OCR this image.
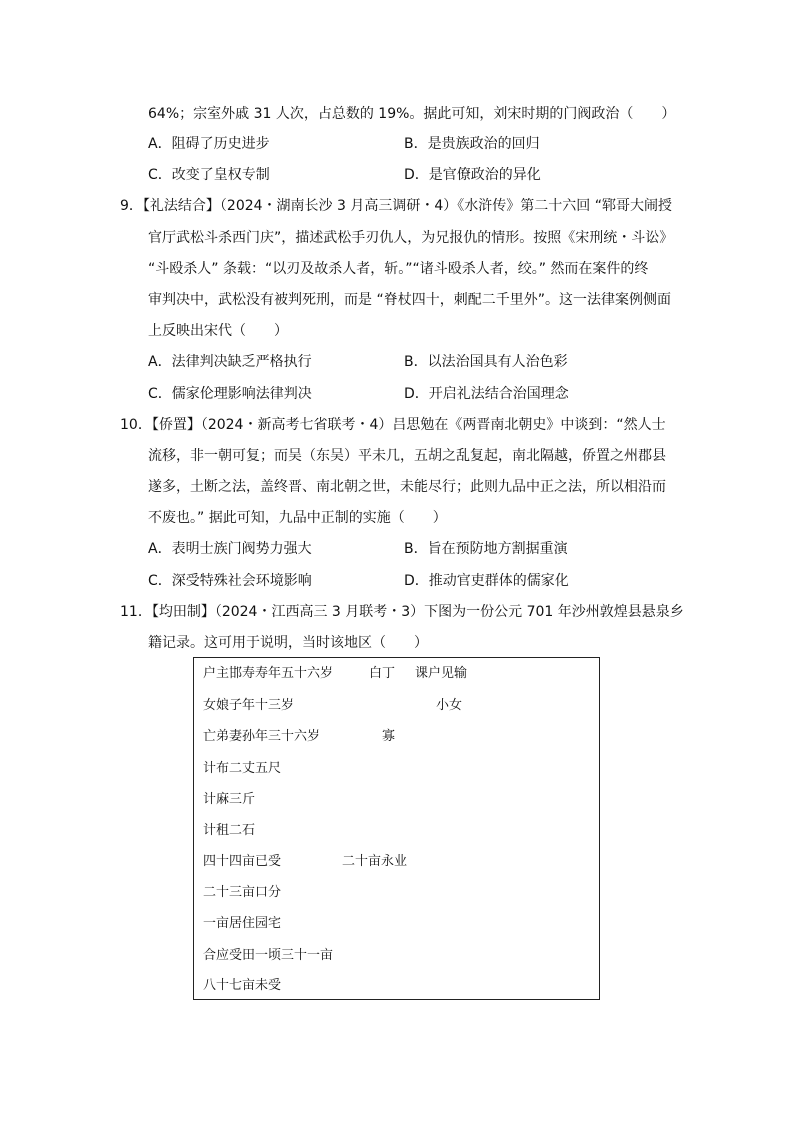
64%；宗室外戚 31 人次，占总数的 19%。据此可知，刘宋时期的门阀政治（　　）
A．阻碍了历史进步	B．是贵族政治的回归
C．改变了皇权专制	D．是官僚政治的异化
9．【礼法结合】（2024・湖南长沙 3 月高三调研・4）《水浒传》第二十六回 “郓哥大闹授
官厅武松斗杀西门庆”，描述武松手刃仇人，为兄报仇的情形。按照《宋刑统・斗讼》
“斗殴杀人” 条载：“以刃及故杀人者，斩。”“诸斗殴杀人者，绞。” 然而在案件的终
审判决中，武松没有被判死刑，而是 “脊杖四十，刺配二千里外”。这一法律案例侧面
上反映出宋代（　　）
A．法律判决缺乏严格执行	B．以法治国具有人治色彩
C．儒家伦理影响法律判决	D．开启礼法结合治国理念
10．【侨置】（2024・新高考七省联考・4）吕思勉在《两晋南北朝史》中谈到：“然人士
流移，非一朝可复；而吴（东吴）平未几，五胡之乱复起，南北隔越，侨置之州郡县
遂多，土断之法，盖终晋、南北朝之世，未能尽行；此则九品中正之法，所以相沿而
不废也。” 据此可知，九品中正制的实施（　　）
A．表明士族门阀势力强大	B．旨在预防地方割据重演
C．深受特殊社会环境影响	D．推动官吏群体的儒家化
11．【均田制】（2024・江西高三 3 月联考・3）下图为一份公元 701 年沙州敦煌县悬泉乡
籍记录。这可用于说明，当时该地区（　　）
户主邯寿寿年五十六岁	白丁 课户见输
女娘子年十三岁	小女
亡弟妻孙年三十六岁	寡
计布二丈五尺
计麻三斤
计租二石
四十四亩已受	二十亩永业
二十三亩口分
一亩居住园宅
合应受田一顷三十一亩
八十七亩未受
